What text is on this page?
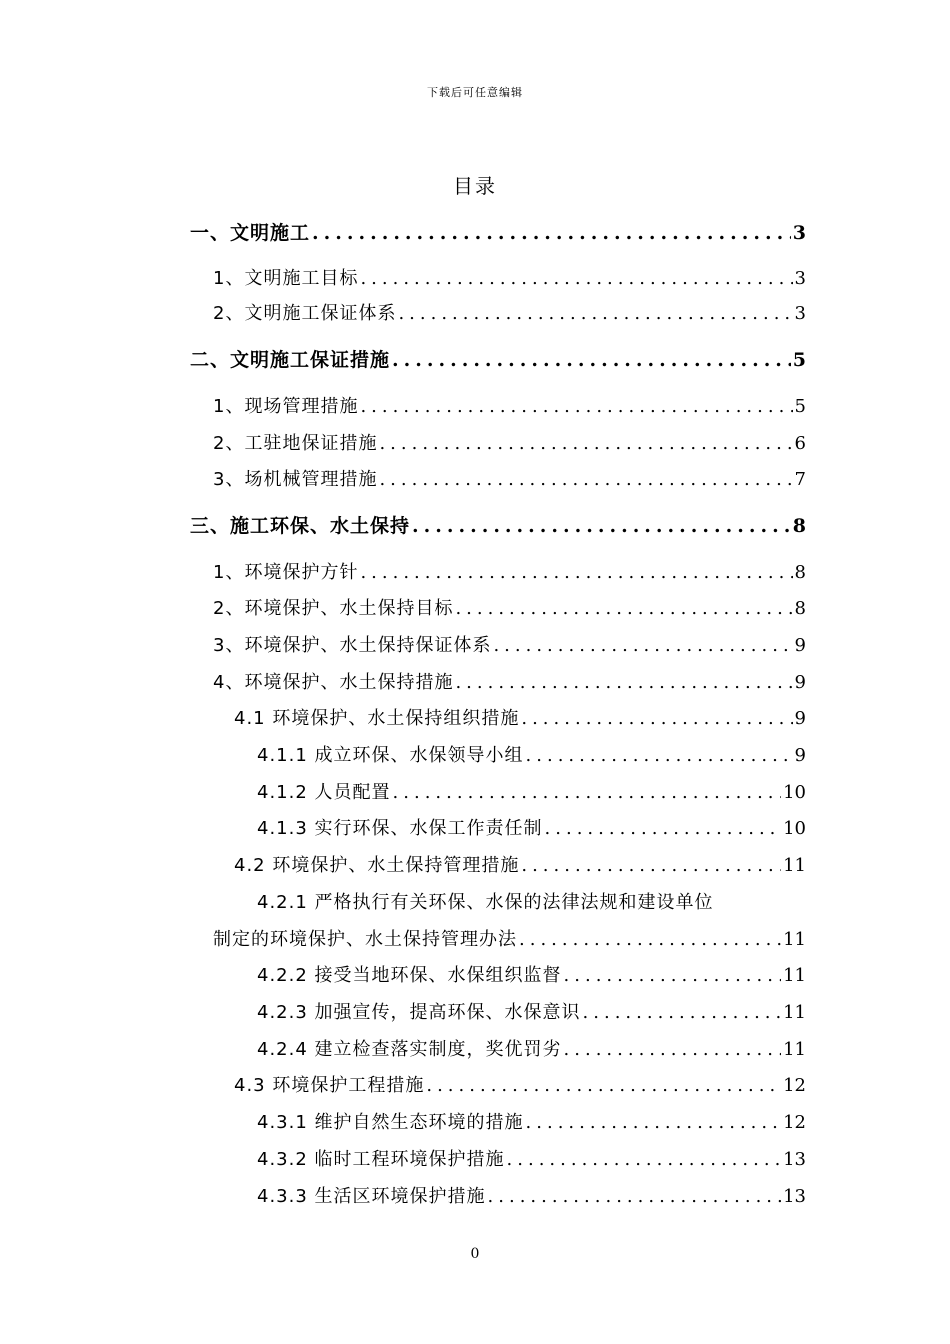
下载后可任意编辑
目录
一、文明施工 .....	3
1、文明施工目标 .....	3
2、文明施工保证体系 .....	3
二、文明施工保证措施 .....	5
1、现场管理措施 .....	5
2、工驻地保证措施 .....	6
3、场机械管理措施 .....	7
三、施工环保、水土保持 .....	8
1、环境保护方针 .....	8
2、环境保护、水土保持目标 .....	8
3、环境保护、水土保持保证体系 .....	9
4、环境保护、水土保持措施 .....	9
4.1 环境保护、水土保持组织措施 .....	9
4.1.1 成立环保、水保领导小组 .....	9
4.1.2 人员配置 .....	10
4.1.3 实行环保、水保工作责任制 .....	10
4.2 环境保护、水土保持管理措施 .....	11
4.2.1 严格执行有关环保、水保的法律法规和建设单位
制定的环境保护、水土保持管理办法 .....	11
4.2.2 接受当地环保、水保组织监督 .....	11
4.2.3 加强宣传，提高环保、水保意识 .....	11
4.2.4 建立检查落实制度，奖优罚劣 .....	11
4.3 环境保护工程措施 .....	12
4.3.1 维护自然生态环境的措施 .....	12
4.3.2 临时工程环境保护措施 .....	13
4.3.3 生活区环境保护措施 .....	13
0
